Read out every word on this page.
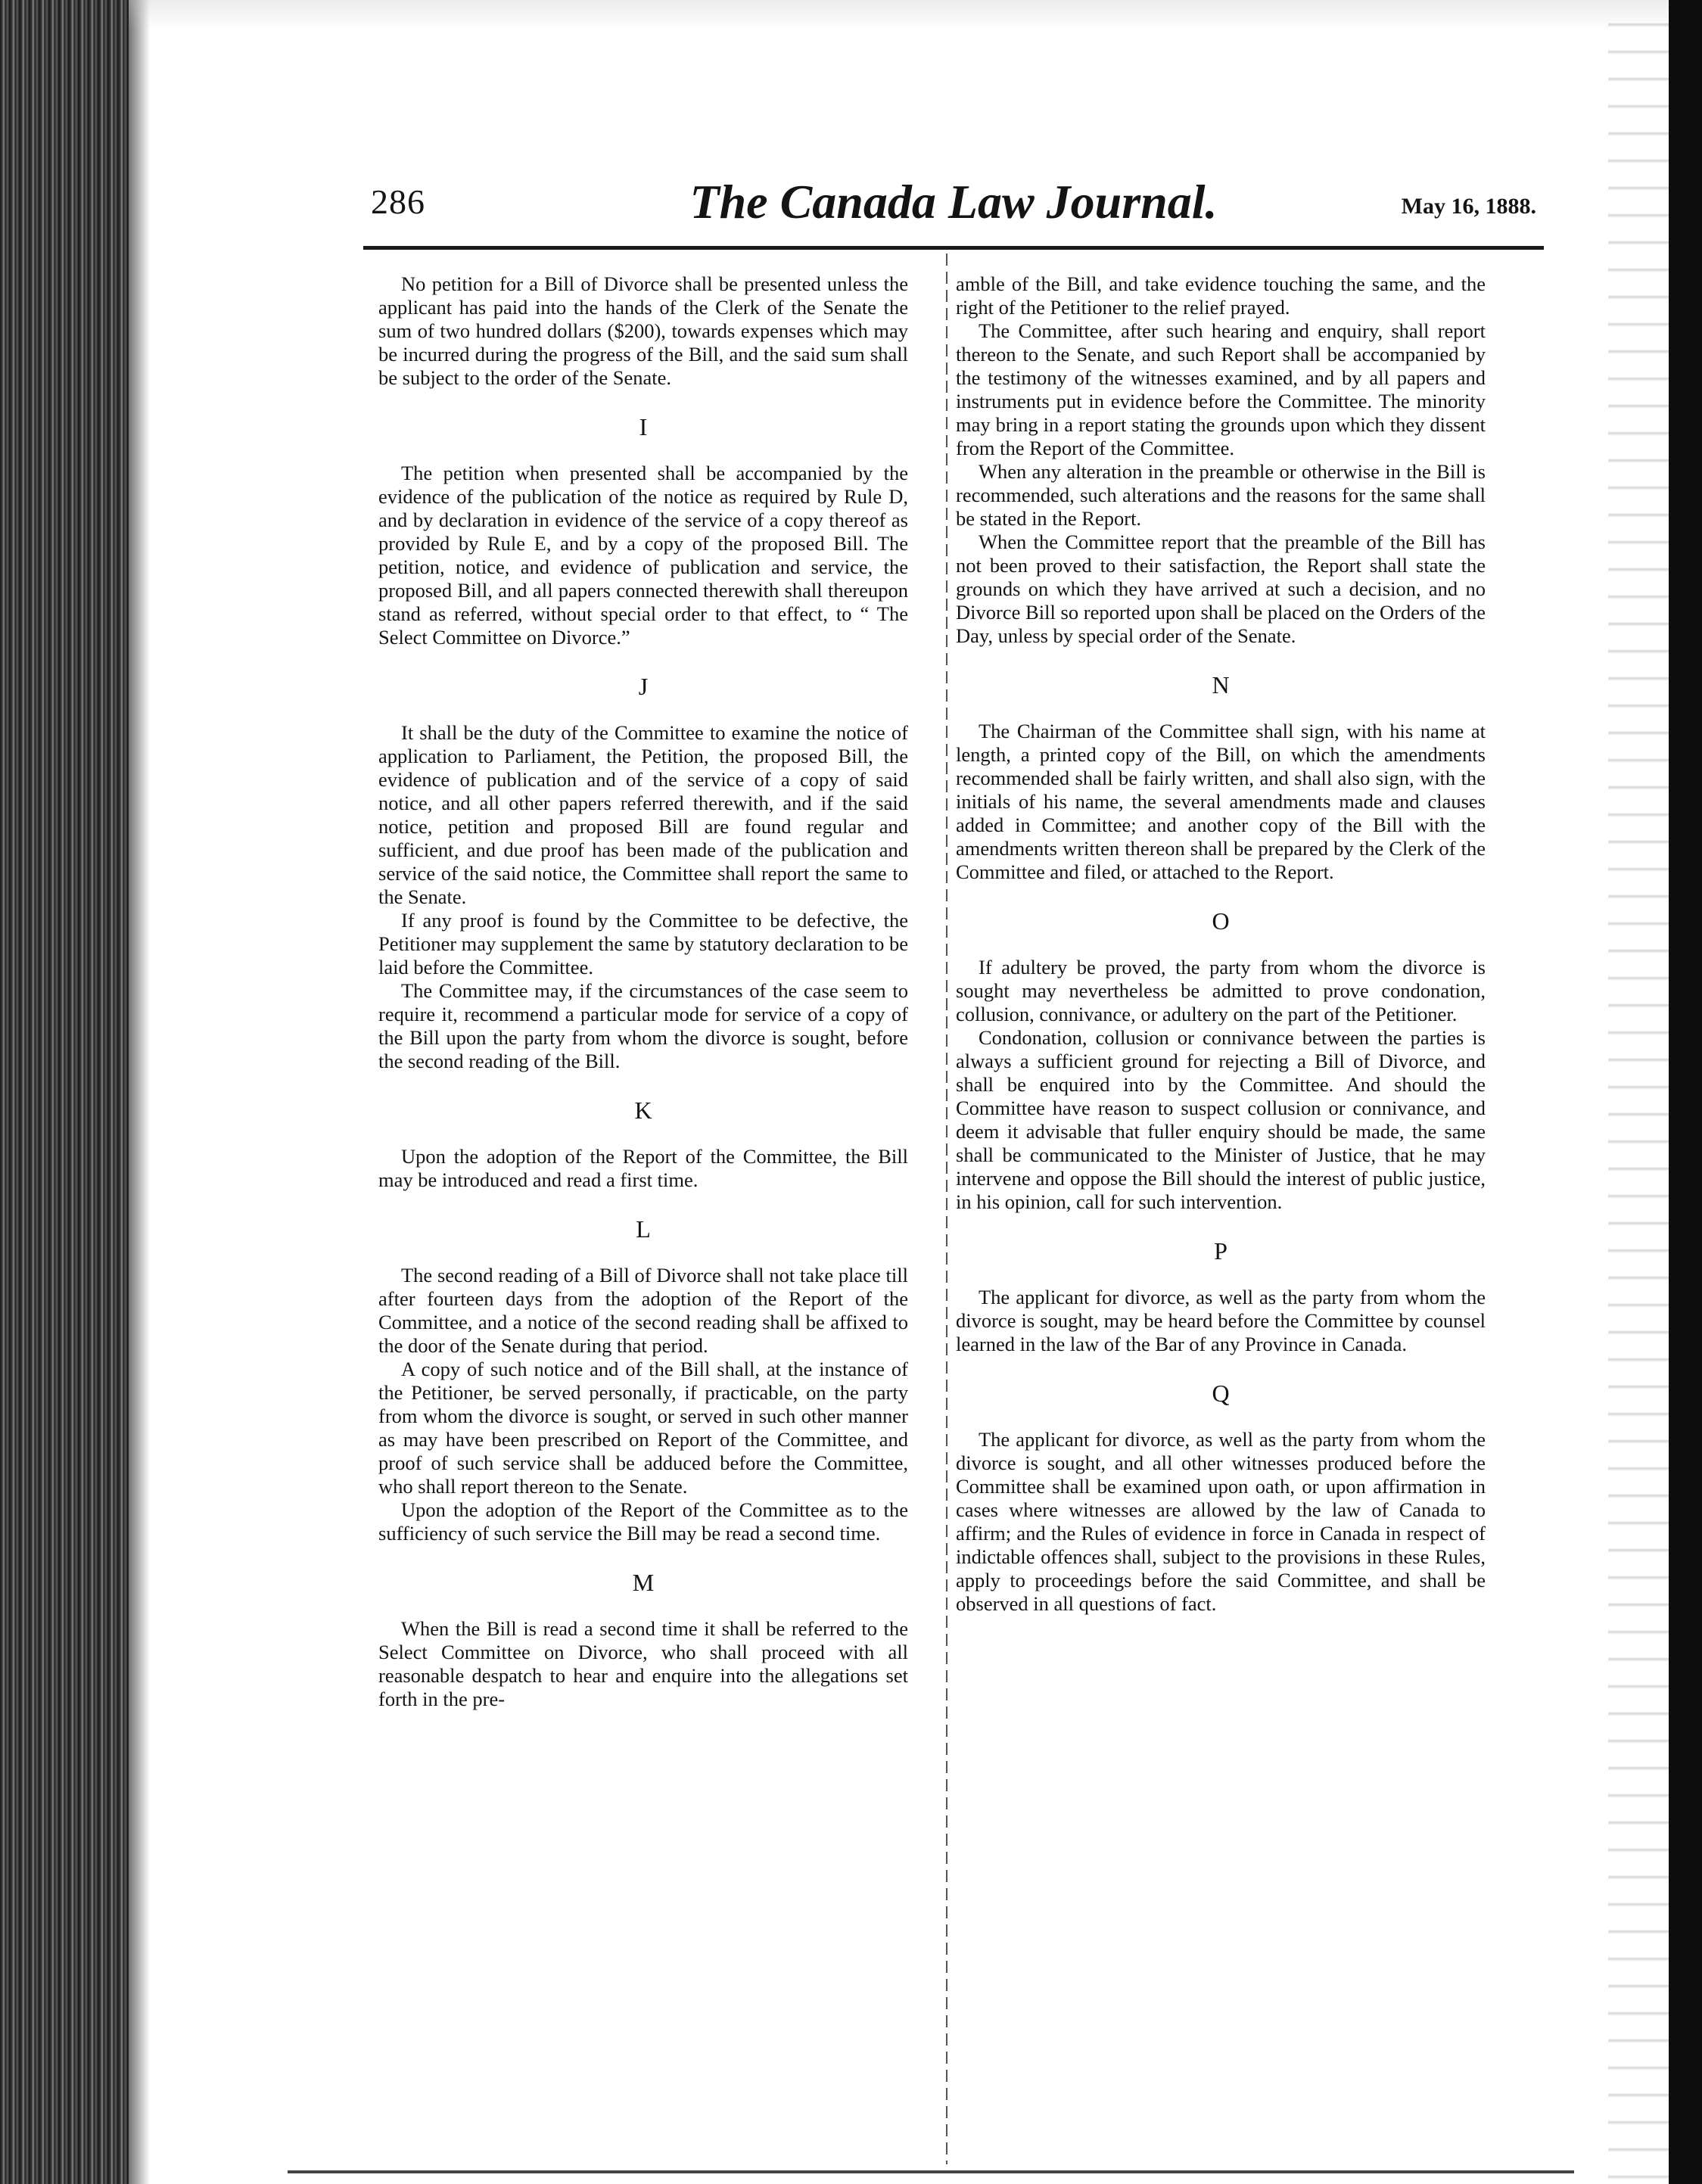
286	The Canada Law Journal.	May 16, 1888.

No petition for a Bill of Divorce shall be presented unless the applicant has paid into the hands of the Clerk of the Senate the sum of two hundred dollars ($200), towards expenses which may be incurred during the progress of the Bill, and the said sum shall be subject to the order of the Senate.

I

The petition when presented shall be accompanied by the evidence of the publication of the notice as required by Rule D, and by declaration in evidence of the service of a copy thereof as provided by Rule E, and by a copy of the proposed Bill. The petition, notice, and evidence of publication and service, the proposed Bill, and all papers connected therewith shall thereupon stand as referred, without special order to that effect, to “ The Select Committee on Divorce.”

J

It shall be the duty of the Committee to examine the notice of application to Parliament, the Petition, the proposed Bill, the evidence of publication and of the service of a copy of said notice, and all other papers referred therewith, and if the said notice, petition and proposed Bill are found regular and sufficient, and due proof has been made of the publication and service of the said notice, the Committee shall report the same to the Senate.

If any proof is found by the Committee to be defective, the Petitioner may supplement the same by statutory declaration to be laid before the Committee.

The Committee may, if the circumstances of the case seem to require it, recommend a particular mode for service of a copy of the Bill upon the party from whom the divorce is sought, before the second reading of the Bill.

K

Upon the adoption of the Report of the Committee, the Bill may be introduced and read a first time.

L

The second reading of a Bill of Divorce shall not take place till after fourteen days from the adoption of the Report of the Committee, and a notice of the second reading shall be affixed to the door of the Senate during that period.

A copy of such notice and of the Bill shall, at the instance of the Petitioner, be served personally, if practicable, on the party from whom the divorce is sought, or served in such other manner as may have been prescribed on Report of the Committee, and proof of such service shall be adduced before the Committee, who shall report thereon to the Senate.

Upon the adoption of the Report of the Committee as to the sufficiency of such service the Bill may be read a second time.

M

When the Bill is read a second time it shall be referred to the Select Committee on Divorce, who shall proceed with all reasonable despatch to hear and enquire into the allegations set forth in the pre-

amble of the Bill, and take evidence touching the same, and the right of the Petitioner to the relief prayed.

The Committee, after such hearing and enquiry, shall report thereon to the Senate, and such Report shall be accompanied by the testimony of the witnesses examined, and by all papers and instruments put in evidence before the Committee. The minority may bring in a report stating the grounds upon which they dissent from the Report of the Committee.

When any alteration in the preamble or otherwise in the Bill is recommended, such alterations and the reasons for the same shall be stated in the Report.

When the Committee report that the preamble of the Bill has not been proved to their satisfaction, the Report shall state the grounds on which they have arrived at such a decision, and no Divorce Bill so reported upon shall be placed on the Orders of the Day, unless by special order of the Senate.

N

The Chairman of the Committee shall sign, with his name at length, a printed copy of the Bill, on which the amendments recommended shall be fairly written, and shall also sign, with the initials of his name, the several amendments made and clauses added in Committee; and another copy of the Bill with the amendments written thereon shall be prepared by the Clerk of the Committee and filed, or attached to the Report.

O

If adultery be proved, the party from whom the divorce is sought may nevertheless be admitted to prove condonation, collusion, connivance, or adultery on the part of the Petitioner.

Condonation, collusion or connivance between the parties is always a sufficient ground for rejecting a Bill of Divorce, and shall be enquired into by the Committee. And should the Committee have reason to suspect collusion or connivance, and deem it advisable that fuller enquiry should be made, the same shall be communicated to the Minister of Justice, that he may intervene and oppose the Bill should the interest of public justice, in his opinion, call for such intervention.

P

The applicant for divorce, as well as the party from whom the divorce is sought, may be heard before the Committee by counsel learned in the law of the Bar of any Province in Canada.

Q

The applicant for divorce, as well as the party from whom the divorce is sought, and all other witnesses produced before the Committee shall be examined upon oath, or upon affirmation in cases where witnesses are allowed by the law of Canada to affirm; and the Rules of evidence in force in Canada in respect of indictable offences shall, subject to the provisions in these Rules, apply to proceedings before the said Committee, and shall be observed in all questions of fact.
